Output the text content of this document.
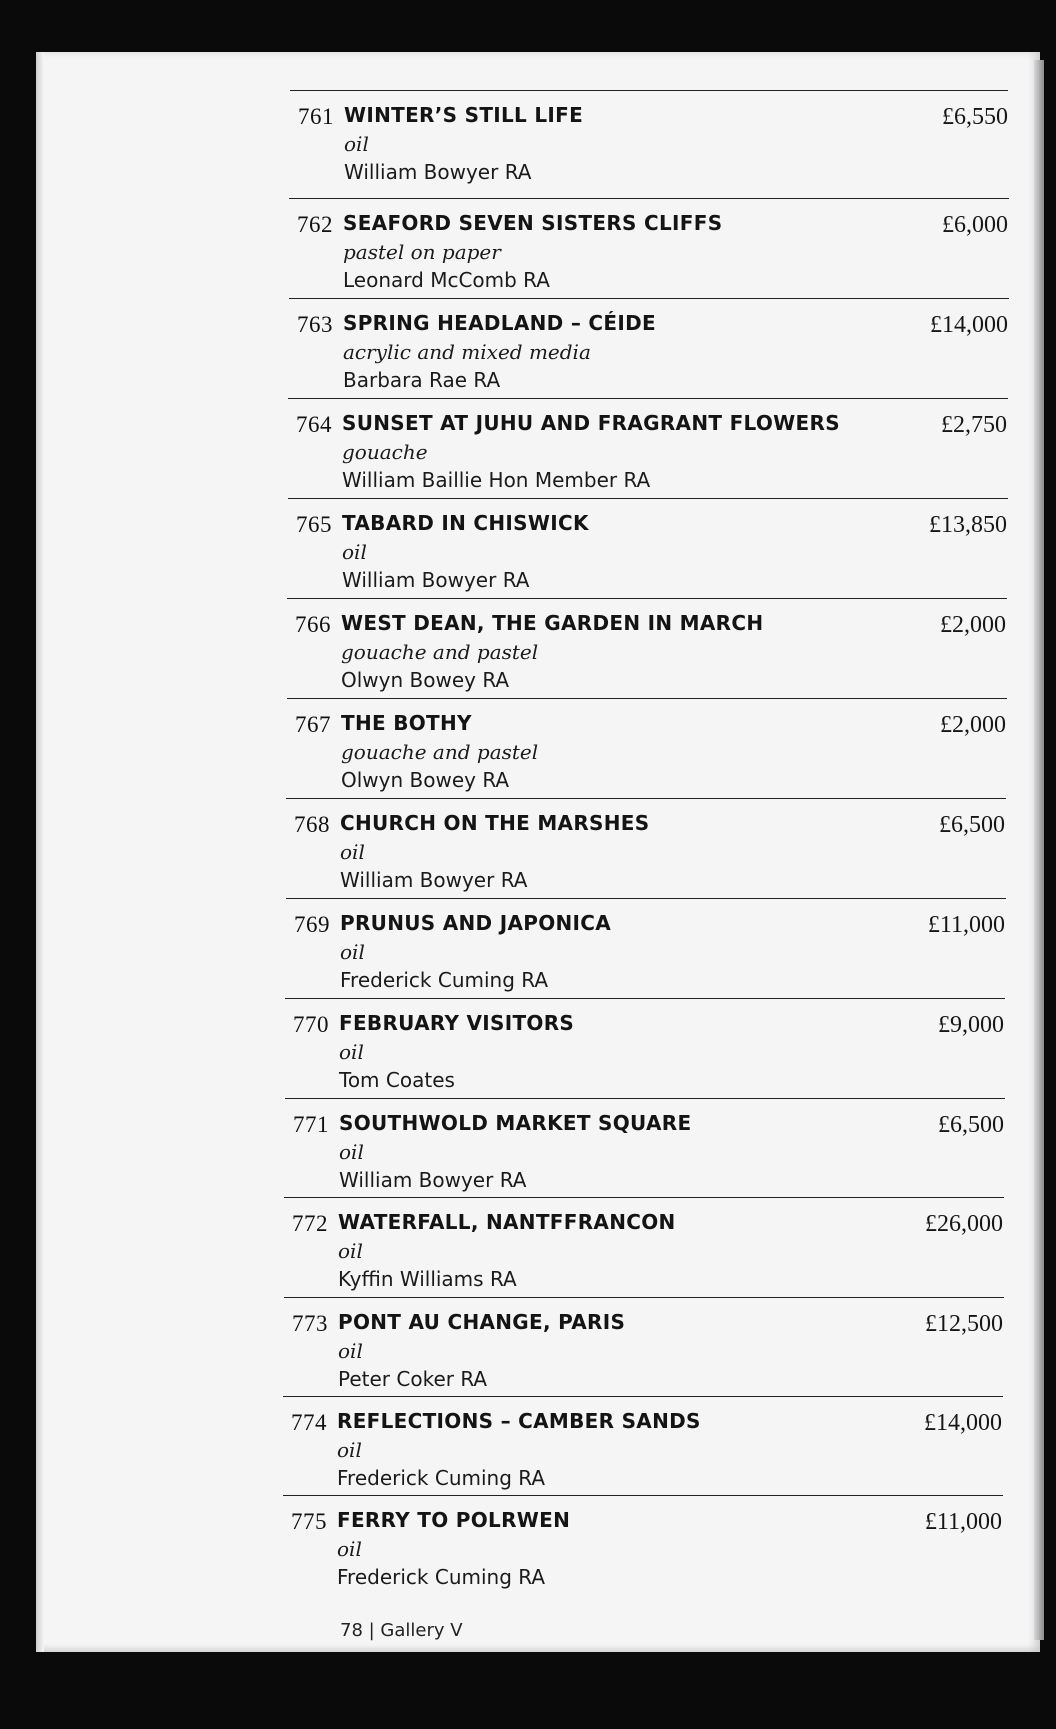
761 WINTER’S STILL LIFE
oil
William Bowyer RA
£6,550
762 SEAFORD SEVEN SISTERS CLIFFS
pastel on paper
Leonard McComb RA
£6,000
763 SPRING HEADLAND – CÉIDE
acrylic and mixed media
Barbara Rae RA
£14,000
764 SUNSET AT JUHU AND FRAGRANT FLOWERS
gouache
William Baillie Hon Member RA
£2,750
765 TABARD IN CHISWICK
oil
William Bowyer RA
£13,850
766 WEST DEAN, THE GARDEN IN MARCH
gouache and pastel
Olwyn Bowey RA
£2,000
767 THE BOTHY
gouache and pastel
Olwyn Bowey RA
£2,000
768 CHURCH ON THE MARSHES
oil
William Bowyer RA
£6,500
769 PRUNUS AND JAPONICA
oil
Frederick Cuming RA
£11,000
770 FEBRUARY VISITORS
oil
Tom Coates
£9,000
771 SOUTHWOLD MARKET SQUARE
oil
William Bowyer RA
£6,500
772 WATERFALL, NANTFFRANCON
oil
Kyffin Williams RA
£26,000
773 PONT AU CHANGE, PARIS
oil
Peter Coker RA
£12,500
774 REFLECTIONS – CAMBER SANDS
oil
Frederick Cuming RA
£14,000
775 FERRY TO POLRWEN
oil
Frederick Cuming RA
£11,000
78 | Gallery V
